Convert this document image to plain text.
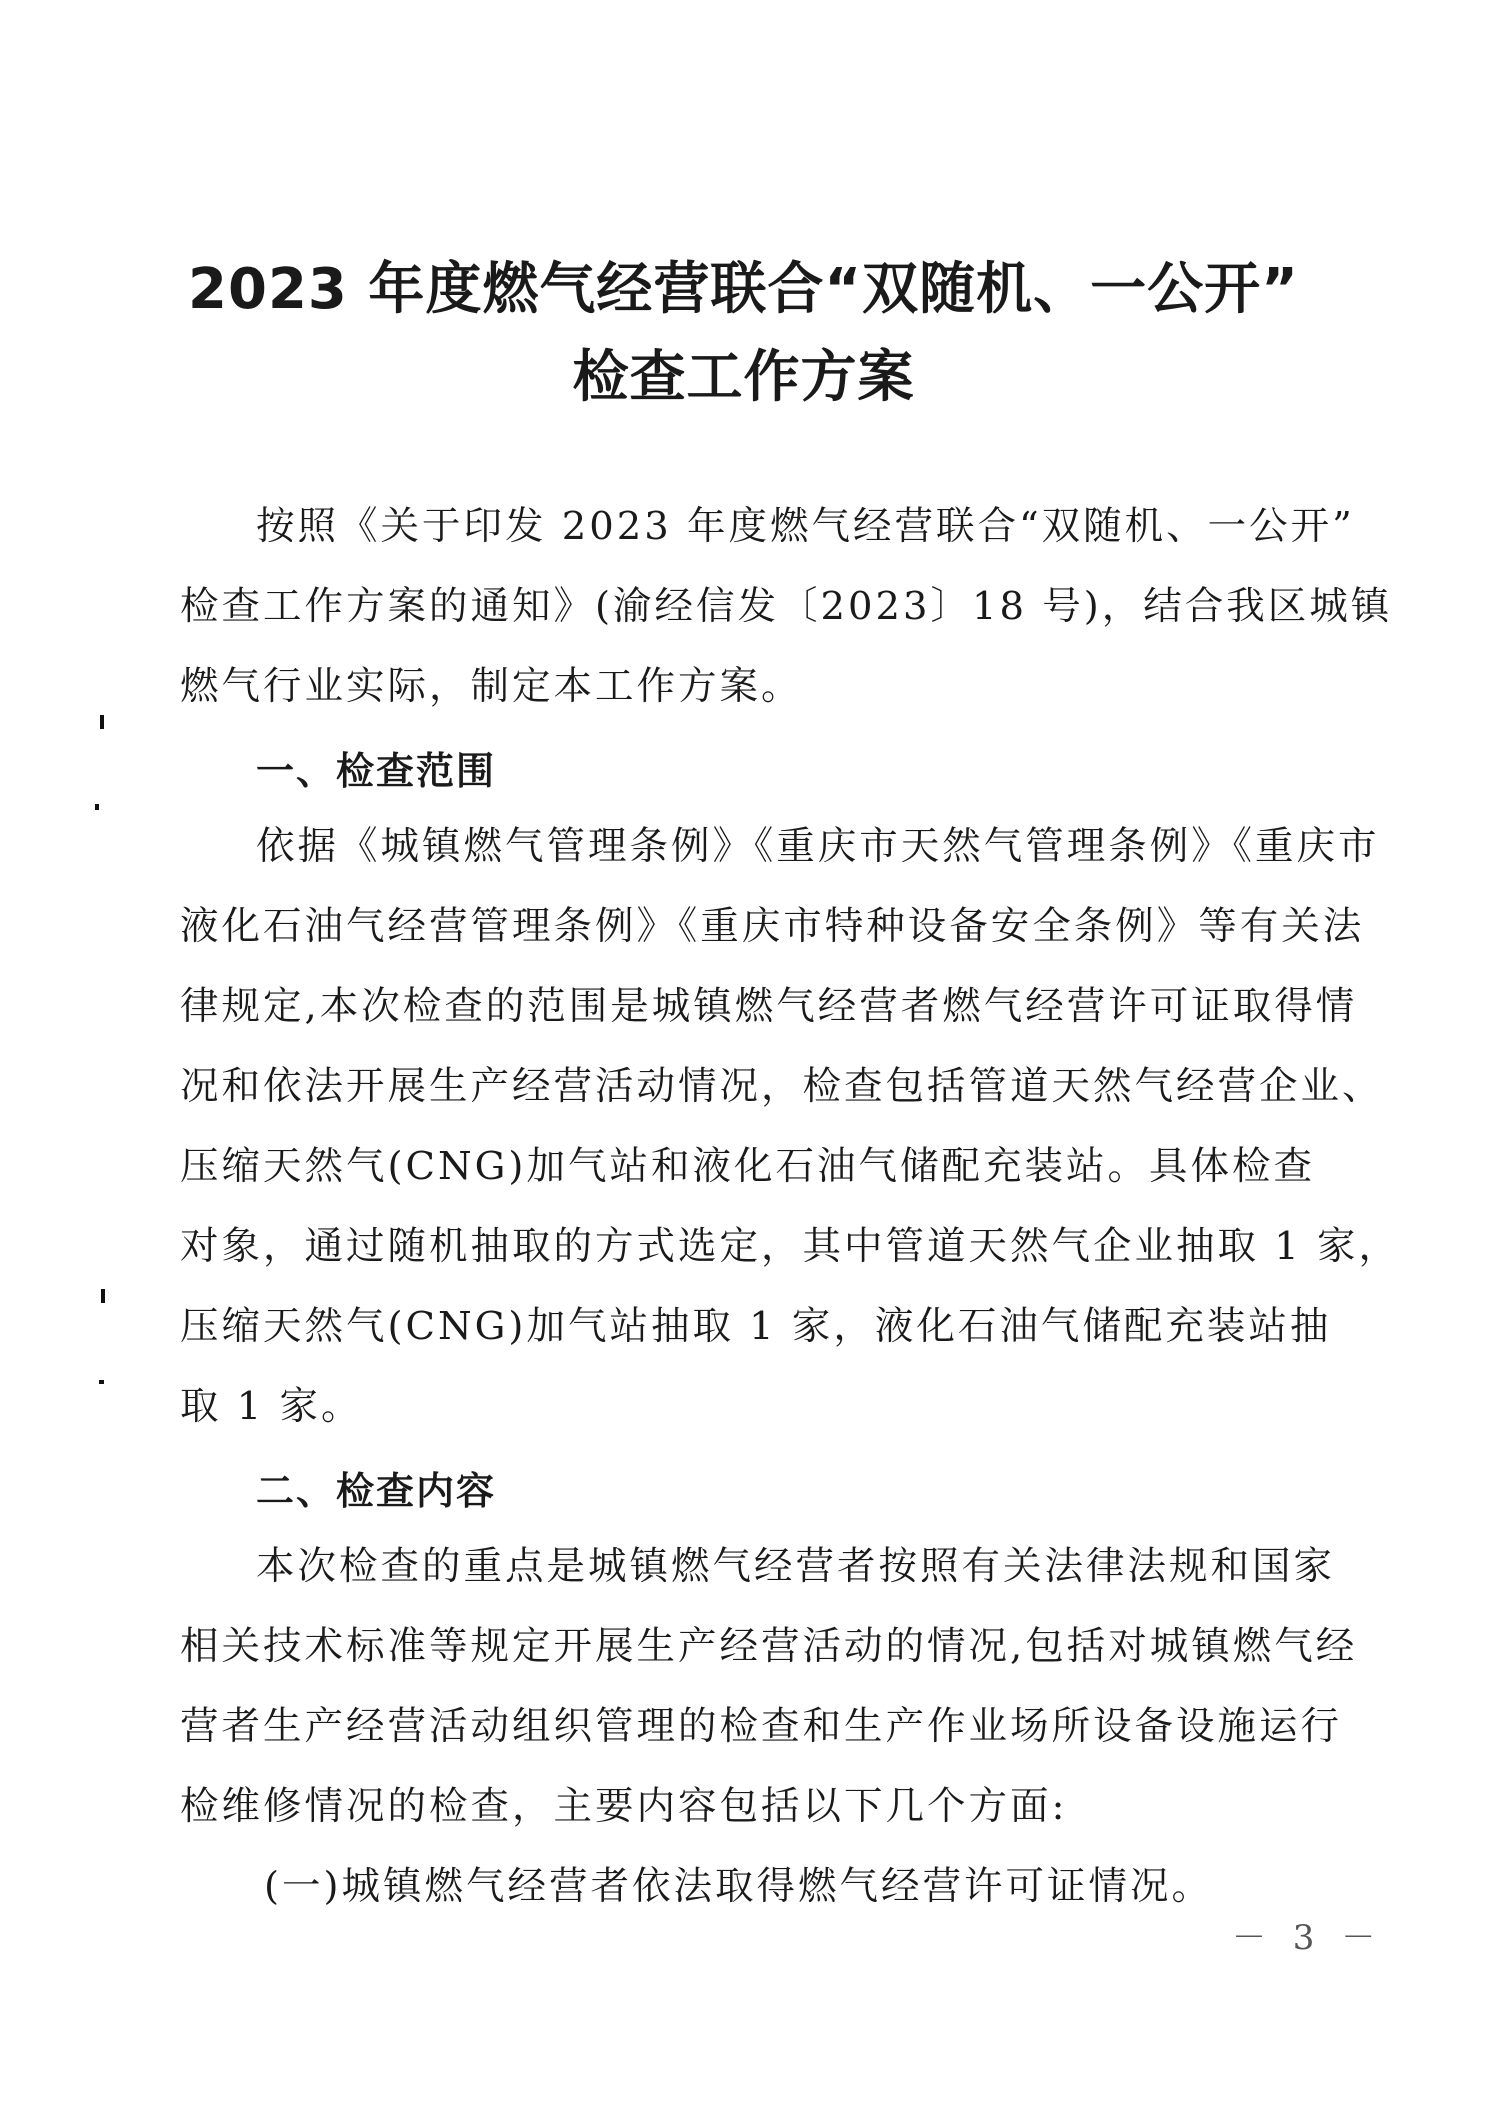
2023 年度燃气经营联合“双随机、一公开”
检查工作方案
按照《关于印发 2023 年度燃气经营联合“双随机、一公开”
检查工作方案的通知》(渝经信发〔2023〕18 号)，结合我区城镇
燃气行业实际，制定本工作方案。
一、检查范围
依据《城镇燃气管理条例》《重庆市天然气管理条例》《重庆市
液化石油气经营管理条例》《重庆市特种设备安全条例》等有关法
律规定,本次检查的范围是城镇燃气经营者燃气经营许可证取得情
况和依法开展生产经营活动情况，检查包括管道天然气经营企业、
压缩天然气(CNG)加气站和液化石油气储配充装站。具体检查
对象，通过随机抽取的方式选定，其中管道天然气企业抽取 1 家，
压缩天然气(CNG)加气站抽取 1 家，液化石油气储配充装站抽
取 1 家。
二、检查内容
本次检查的重点是城镇燃气经营者按照有关法律法规和国家
相关技术标准等规定开展生产经营活动的情况,包括对城镇燃气经
营者生产经营活动组织管理的检查和生产作业场所设备设施运行
检维修情况的检查，主要内容包括以下几个方面:
(一)城镇燃气经营者依法取得燃气经营许可证情况。
－ 3 －
